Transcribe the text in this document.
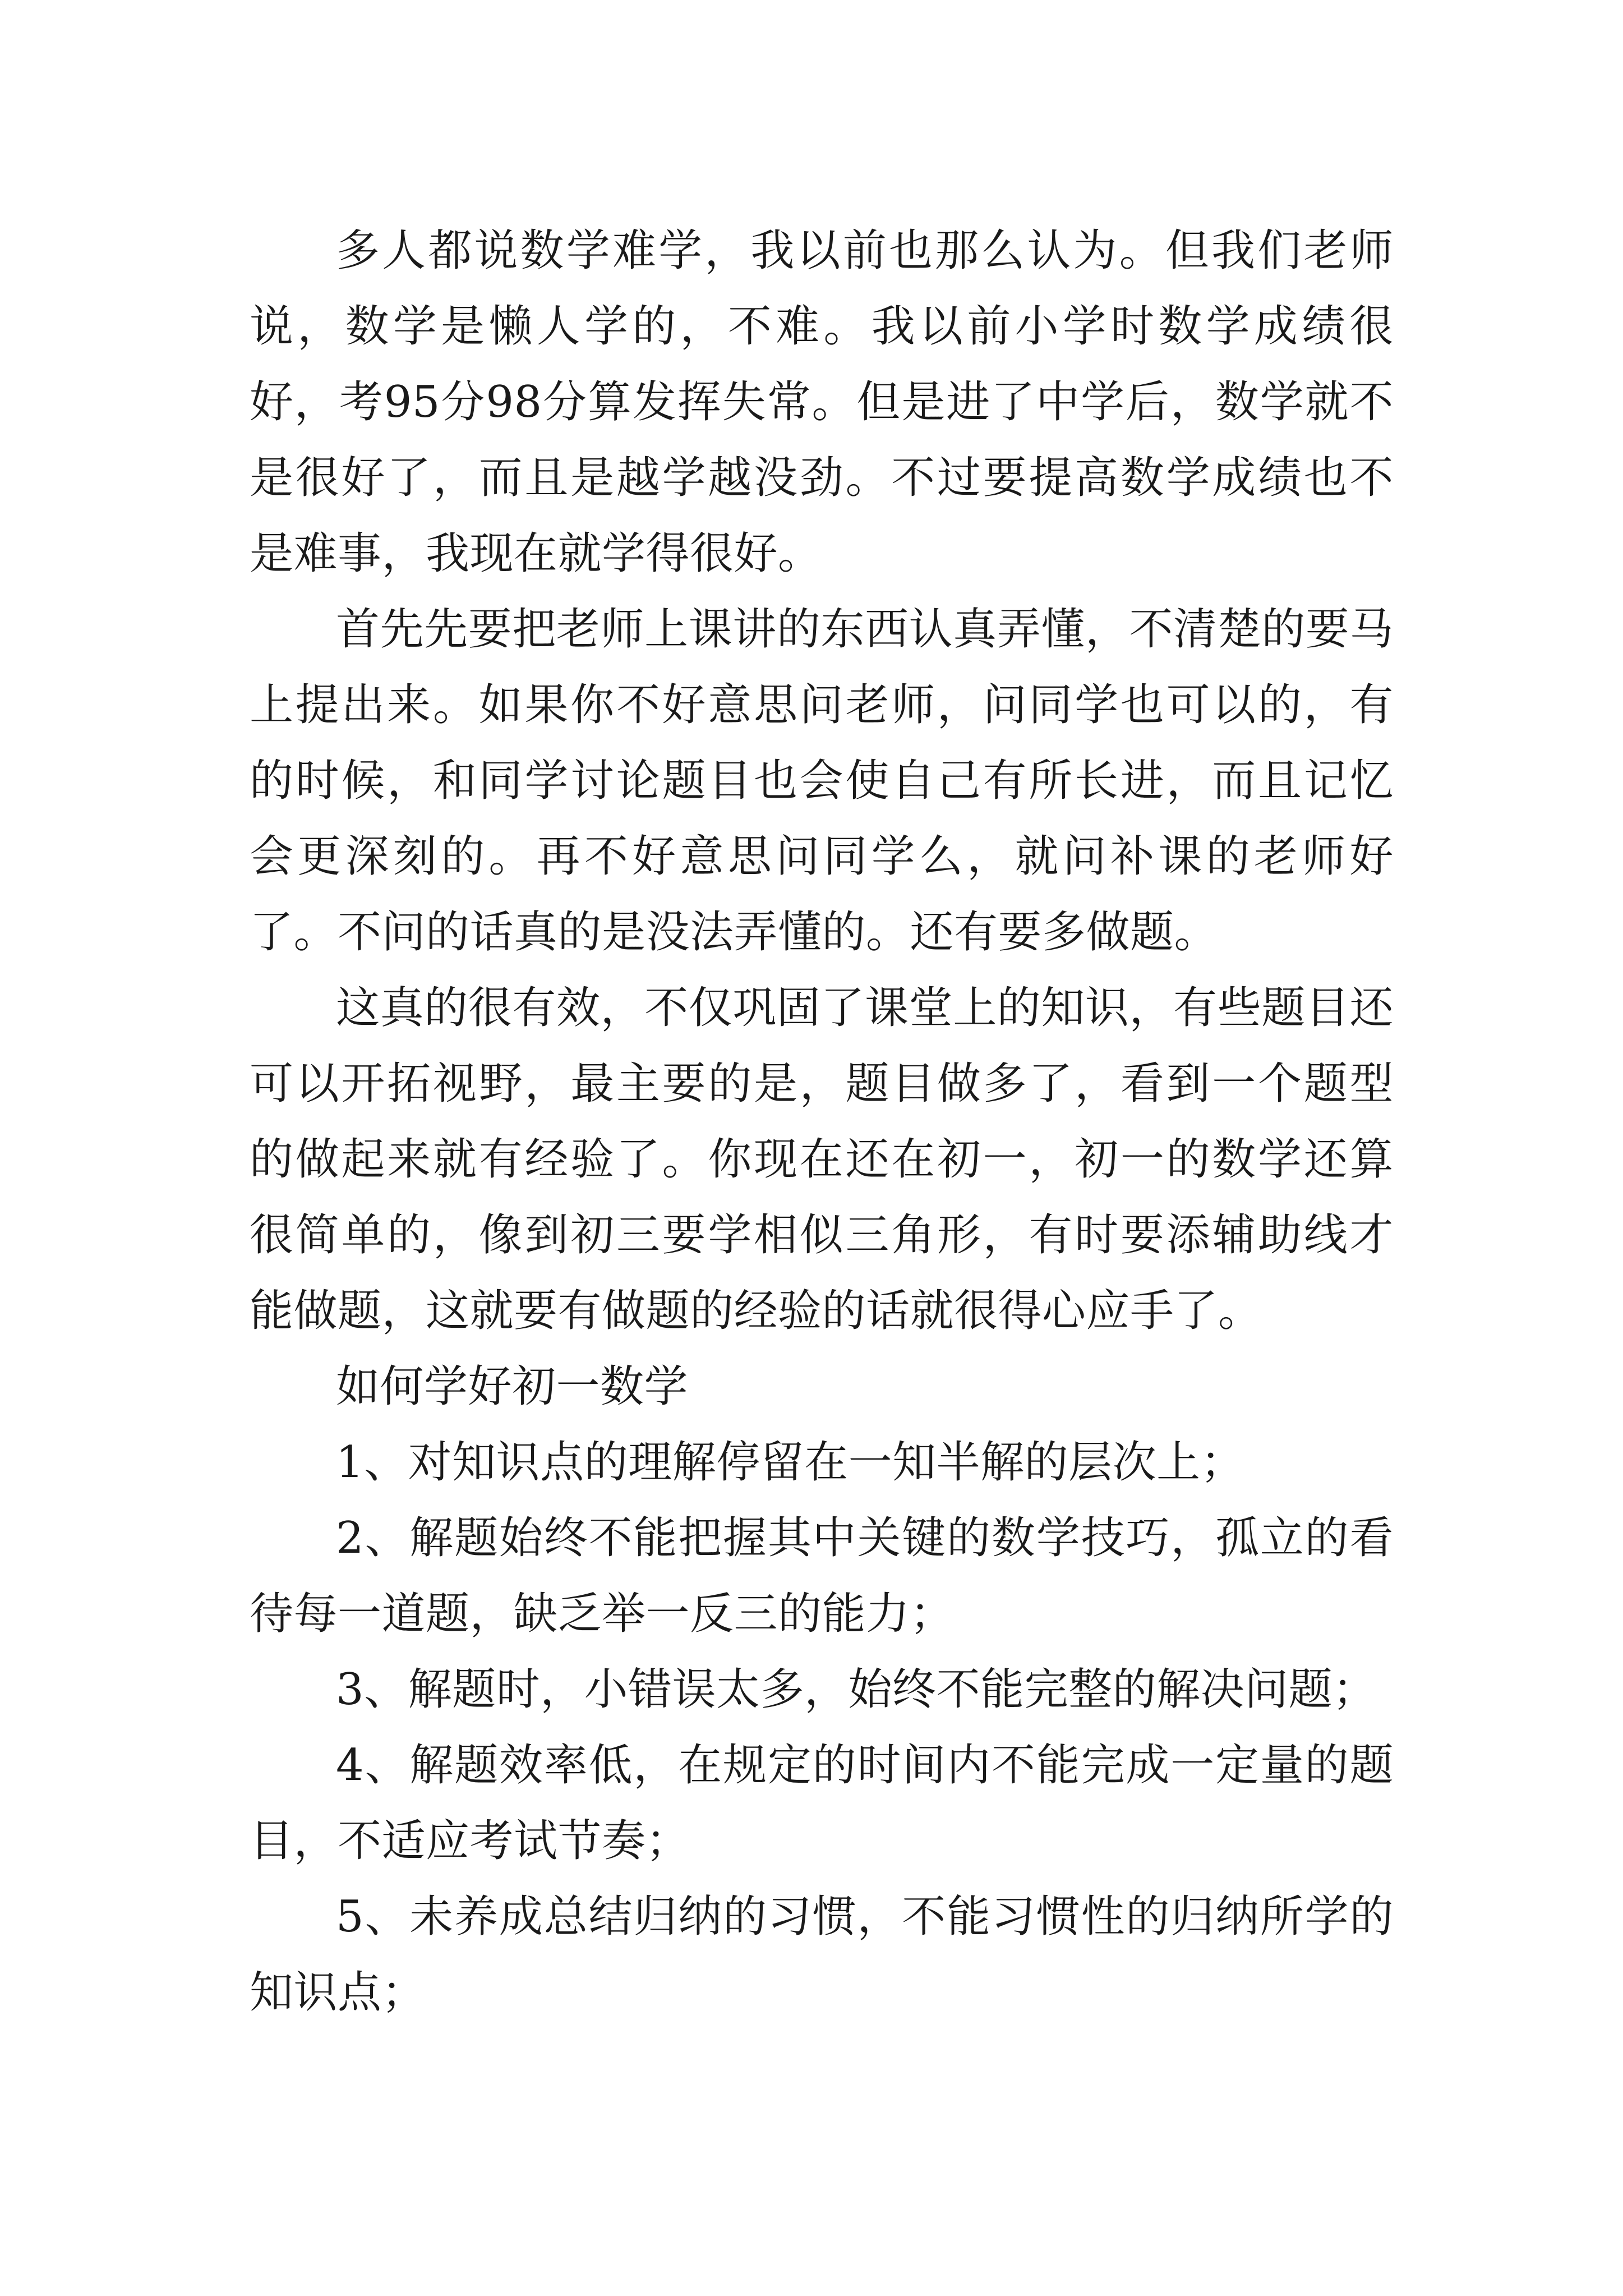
多人都说数学难学，我以前也那么认为。但我们老师说，数学是懒人学的，不难。我以前小学时数学成绩很好，考95分98分算发挥失常。但是进了中学后，数学就不是很好了，而且是越学越没劲。不过要提高数学成绩也不是难事，我现在就学得很好。

首先先要把老师上课讲的东西认真弄懂，不清楚的要马上提出来。如果你不好意思问老师，问同学也可以的，有的时候，和同学讨论题目也会使自己有所长进，而且记忆会更深刻的。再不好意思问同学么，就问补课的老师好了。不问的话真的是没法弄懂的。还有要多做题。

这真的很有效，不仅巩固了课堂上的知识，有些题目还可以开拓视野，最主要的是，题目做多了，看到一个题型的做起来就有经验了。你现在还在初一，初一的数学还算很简单的，像到初三要学相似三角形，有时要添辅助线才能做题，这就要有做题的经验的话就很得心应手了。

如何学好初一数学

1、对知识点的理解停留在一知半解的层次上；

2、解题始终不能把握其中关键的数学技巧，孤立的看待每一道题，缺乏举一反三的能力；

3、解题时，小错误太多，始终不能完整的解决问题；

4、解题效率低，在规定的时间内不能完成一定量的题目，不适应考试节奏；

5、未养成总结归纳的习惯，不能习惯性的归纳所学的知识点；
